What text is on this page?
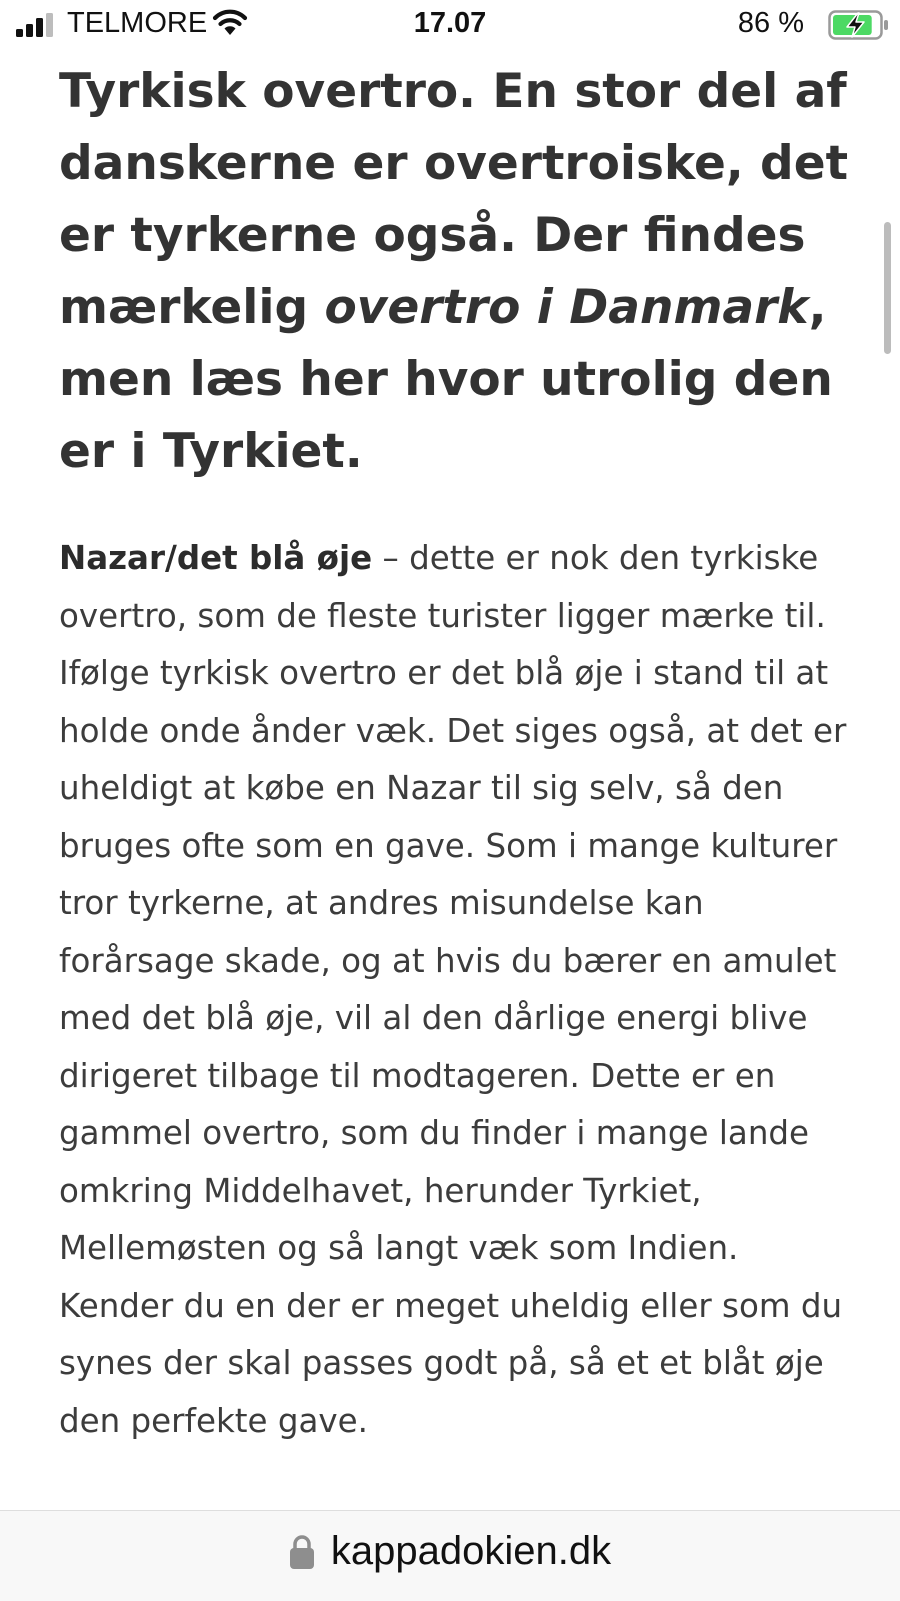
TELMORE	17.07	86 %
Tyrkisk overtro. En stor del af danskerne er overtroiske, det er tyrkerne også. Der findes mærkelig overtro i Danmark, men læs her hvor utrolig den er i Tyrkiet.

Nazar/det blå øje – dette er nok den tyrkiske overtro, som de fleste turister ligger mærke til. Ifølge tyrkisk overtro er det blå øje i stand til at holde onde ånder væk. Det siges også, at det er uheldigt at købe en Nazar til sig selv, så den bruges ofte som en gave. Som i mange kulturer tror tyrkerne, at andres misundelse kan forårsage skade, og at hvis du bærer en amulet med det blå øje, vil al den dårlige energi blive dirigeret tilbage til modtageren. Dette er en gammel overtro, som du finder i mange lande omkring Middelhavet, herunder Tyrkiet, Mellemøsten og så langt væk som Indien. Kender du en der er meget uheldig eller som du synes der skal passes godt på, så et et blåt øje den perfekte gave.

kappadokien.dk
